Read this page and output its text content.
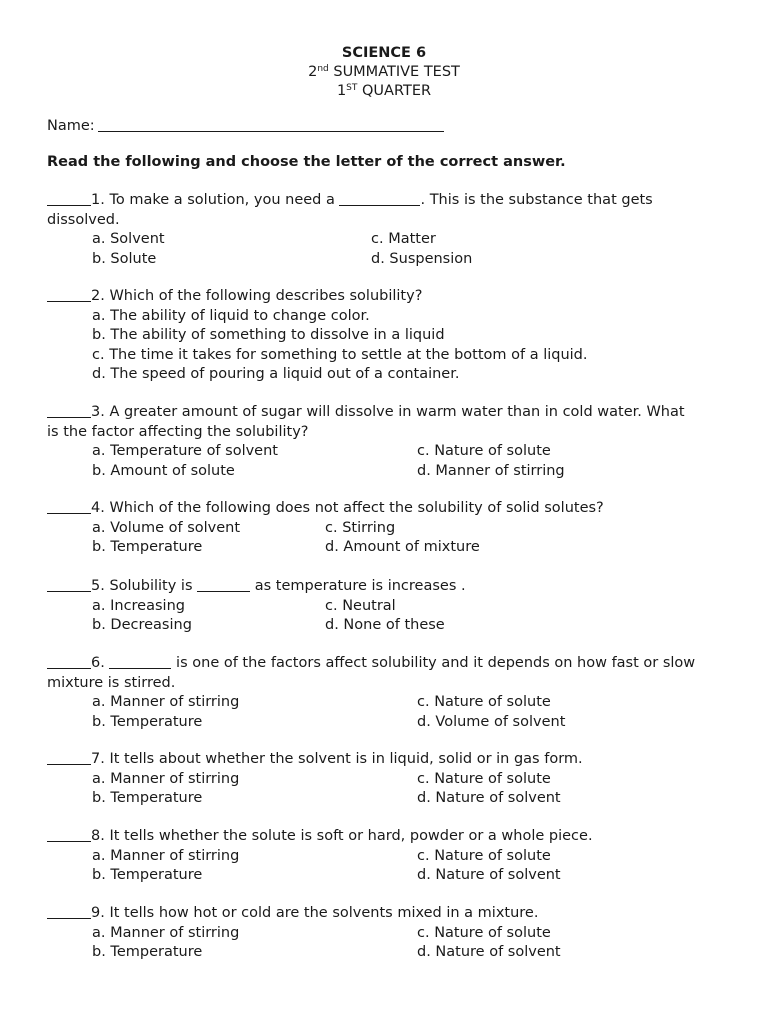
SCIENCE 6
2nd SUMMATIVE TEST
1ST QUARTER
Name:
Read the following and choose the letter of the correct answer.
1. To make a solution, you need a	. This is the substance that gets
dissolved.
a. Solvent	c. Matter
b. Solute	d. Suspension
2. Which of the following describes solubility?
a. The ability of liquid to change color.
b. The ability of something to dissolve in a liquid
c. The time it takes for something to settle at the bottom of a liquid.
d. The speed of pouring a liquid out of a container.
3. A greater amount of sugar will dissolve in warm water than in cold water. What
is the factor affecting the solubility?
a. Temperature of solvent	c. Nature of solute
b. Amount of solute	d. Manner of stirring
4. Which of the following does not affect the solubility of solid solutes?
a. Volume of solvent	c. Stirring
b. Temperature	d. Amount of mixture
5. Solubility is	as temperature is increases .
a. Increasing	c. Neutral
b. Decreasing	d. None of these
6.	is one of the factors affect solubility and it depends on how fast or slow
mixture is stirred.
a. Manner of stirring	c. Nature of solute
b. Temperature	d. Volume of solvent
7. It tells about whether the solvent is in liquid, solid or in gas form.
a. Manner of stirring	c. Nature of solute
b. Temperature	d. Nature of solvent
8. It tells whether the solute is soft or hard, powder or a whole piece.
a. Manner of stirring	c. Nature of solute
b. Temperature	d. Nature of solvent
9. It tells how hot or cold are the solvents mixed in a mixture.
a. Manner of stirring	c. Nature of solute
b. Temperature	d. Nature of solvent
